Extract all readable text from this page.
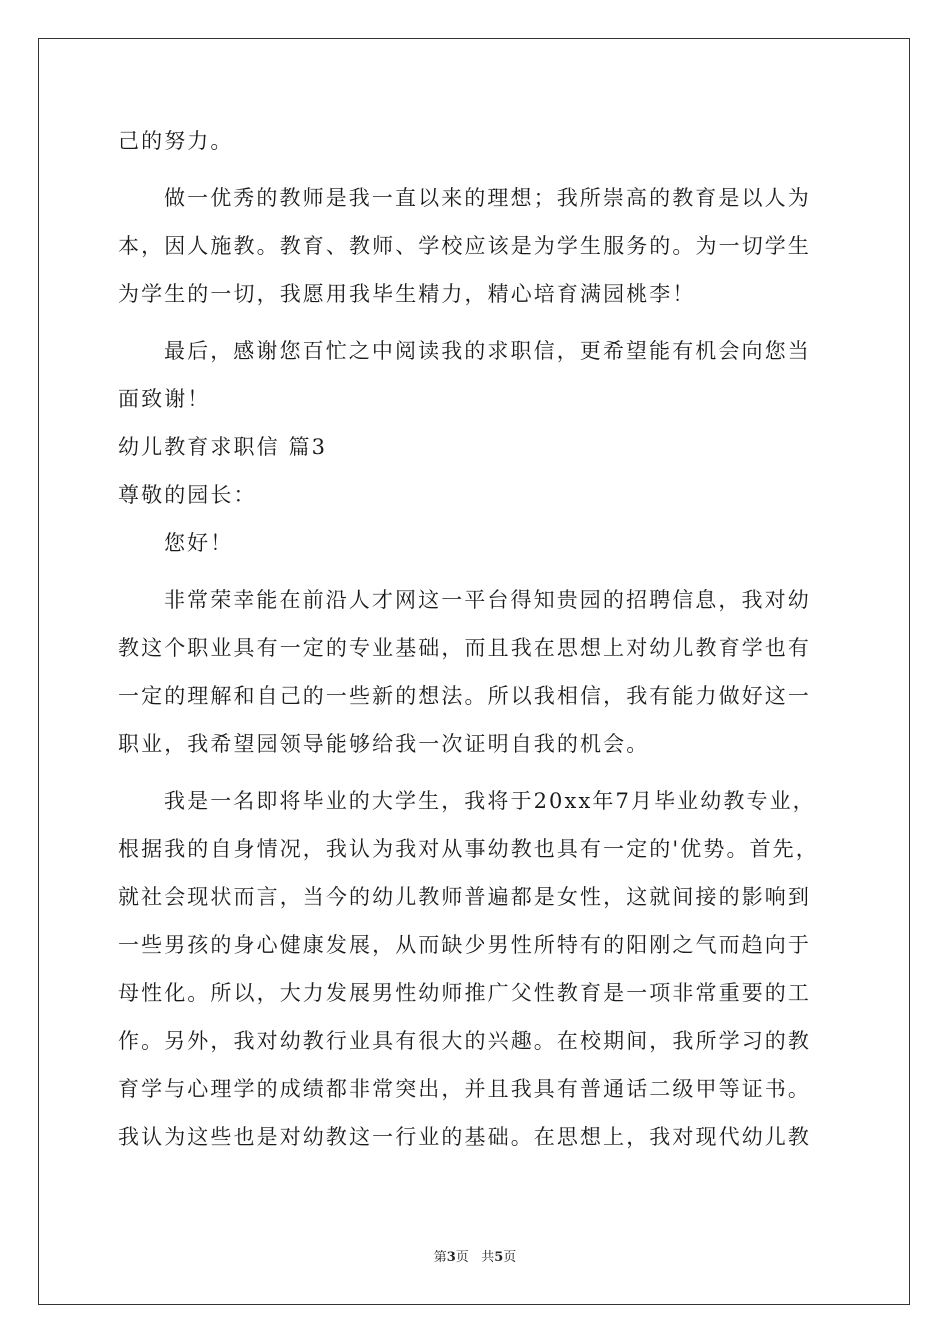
己的努力。
做一优秀的教师是我一直以来的理想；我所崇高的教育是以人为
本，因人施教。教育、教师、学校应该是为学生服务的。为一切学生
为学生的一切，我愿用我毕生精力，精心培育满园桃李！
最后，感谢您百忙之中阅读我的求职信，更希望能有机会向您当
面致谢！
幼儿教育求职信 篇3
尊敬的园长：
您好！
非常荣幸能在前沿人才网这一平台得知贵园的招聘信息，我对幼
教这个职业具有一定的专业基础，而且我在思想上对幼儿教育学也有
一定的理解和自己的一些新的想法。所以我相信，我有能力做好这一
职业，我希望园领导能够给我一次证明自我的机会。
我是一名即将毕业的大学生，我将于20xx年7月毕业幼教专业，
根据我的自身情况，我认为我对从事幼教也具有一定的'优势。首先，
就社会现状而言，当今的幼儿教师普遍都是女性，这就间接的影响到
一些男孩的身心健康发展，从而缺少男性所特有的阳刚之气而趋向于
母性化。所以，大力发展男性幼师推广父性教育是一项非常重要的工
作。另外，我对幼教行业具有很大的兴趣。在校期间，我所学习的教
育学与心理学的成绩都非常突出，并且我具有普通话二级甲等证书。
我认为这些也是对幼教这一行业的基础。在思想上，我对现代幼儿教
第3页 共5页
